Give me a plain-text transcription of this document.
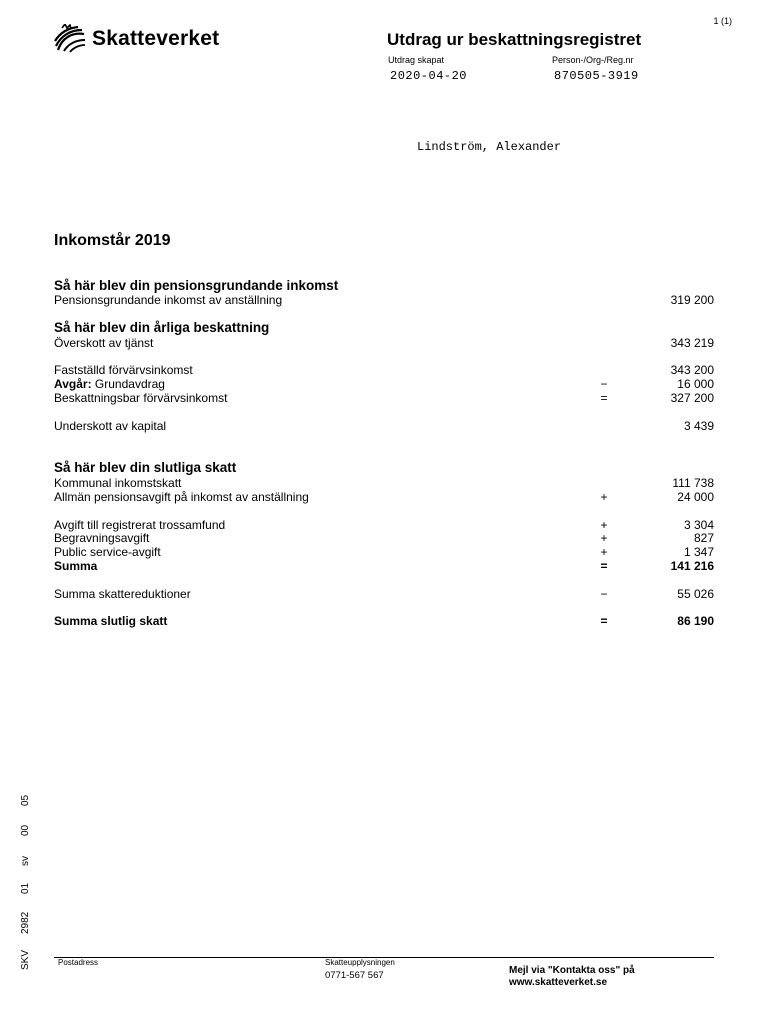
Skatteverket
1 (1)
Utdrag ur beskattningsregistret
Utdrag skapat	Person-/Org-/Reg.nr
2020-04-20	870505-3919
Lindström, Alexander
Inkomstår 2019
Så här blev din pensionsgrundande inkomst
Pensionsgrundande inkomst av anställning	319 200
Så här blev din årliga beskattning
Överskott av tjänst	343 219
Fastställd förvärvsinkomst	343 200
Avgår: Grundavdrag	−	16 000
Beskattningsbar förvärvsinkomst	=	327 200
Underskott av kapital	3 439
Så här blev din slutliga skatt
Kommunal inkomstskatt	111 738
Allmän pensionsavgift på inkomst av anställning	+	24 000
Avgift till registrerat trossamfund	+	3 304
Begravningsavgift	+	827
Public service-avgift	+	1 347
Summa	=	141 216
Summa skattereduktioner	−	55 026
Summa slutlig skatt	=	86 190
SKV
2982
01
sv
00
05
Postadress	Skatteupplysningen
0771-567 567	Mejl via "Kontakta oss" på
www.skatteverket.se
